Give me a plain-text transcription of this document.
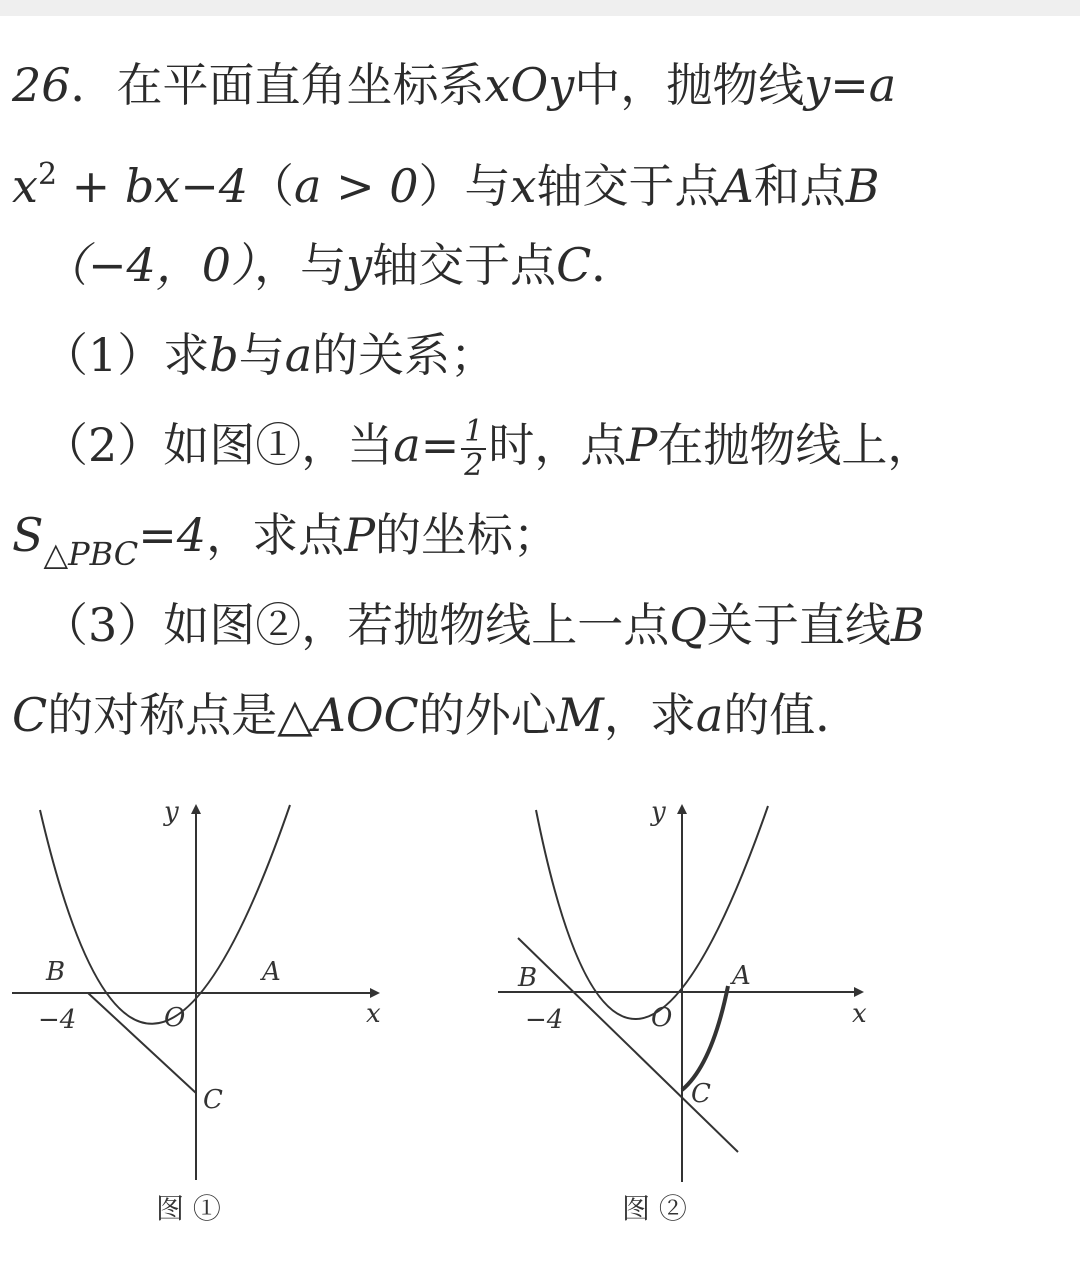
26．在平面直角坐标系xOy中，抛物线y=a
$x^2 + bx-4(a > 0)$与x轴交于点A和点B
（−4，0），与y轴交于点C．
（1）求b与a的关系；
（2）如图①，当$a= \frac{1}{2}$ 时，点P在抛物线上，
$S_{\triangle PBC}=4$，求点P的坐标；
（3）如图②，若抛物线上一点Q关于直线B
C的对称点是△AOC的外心M，求a的值．
y
x
O
A
B
C
−4
图 ①
y
x
O
A
B
C
−4
图 ②
